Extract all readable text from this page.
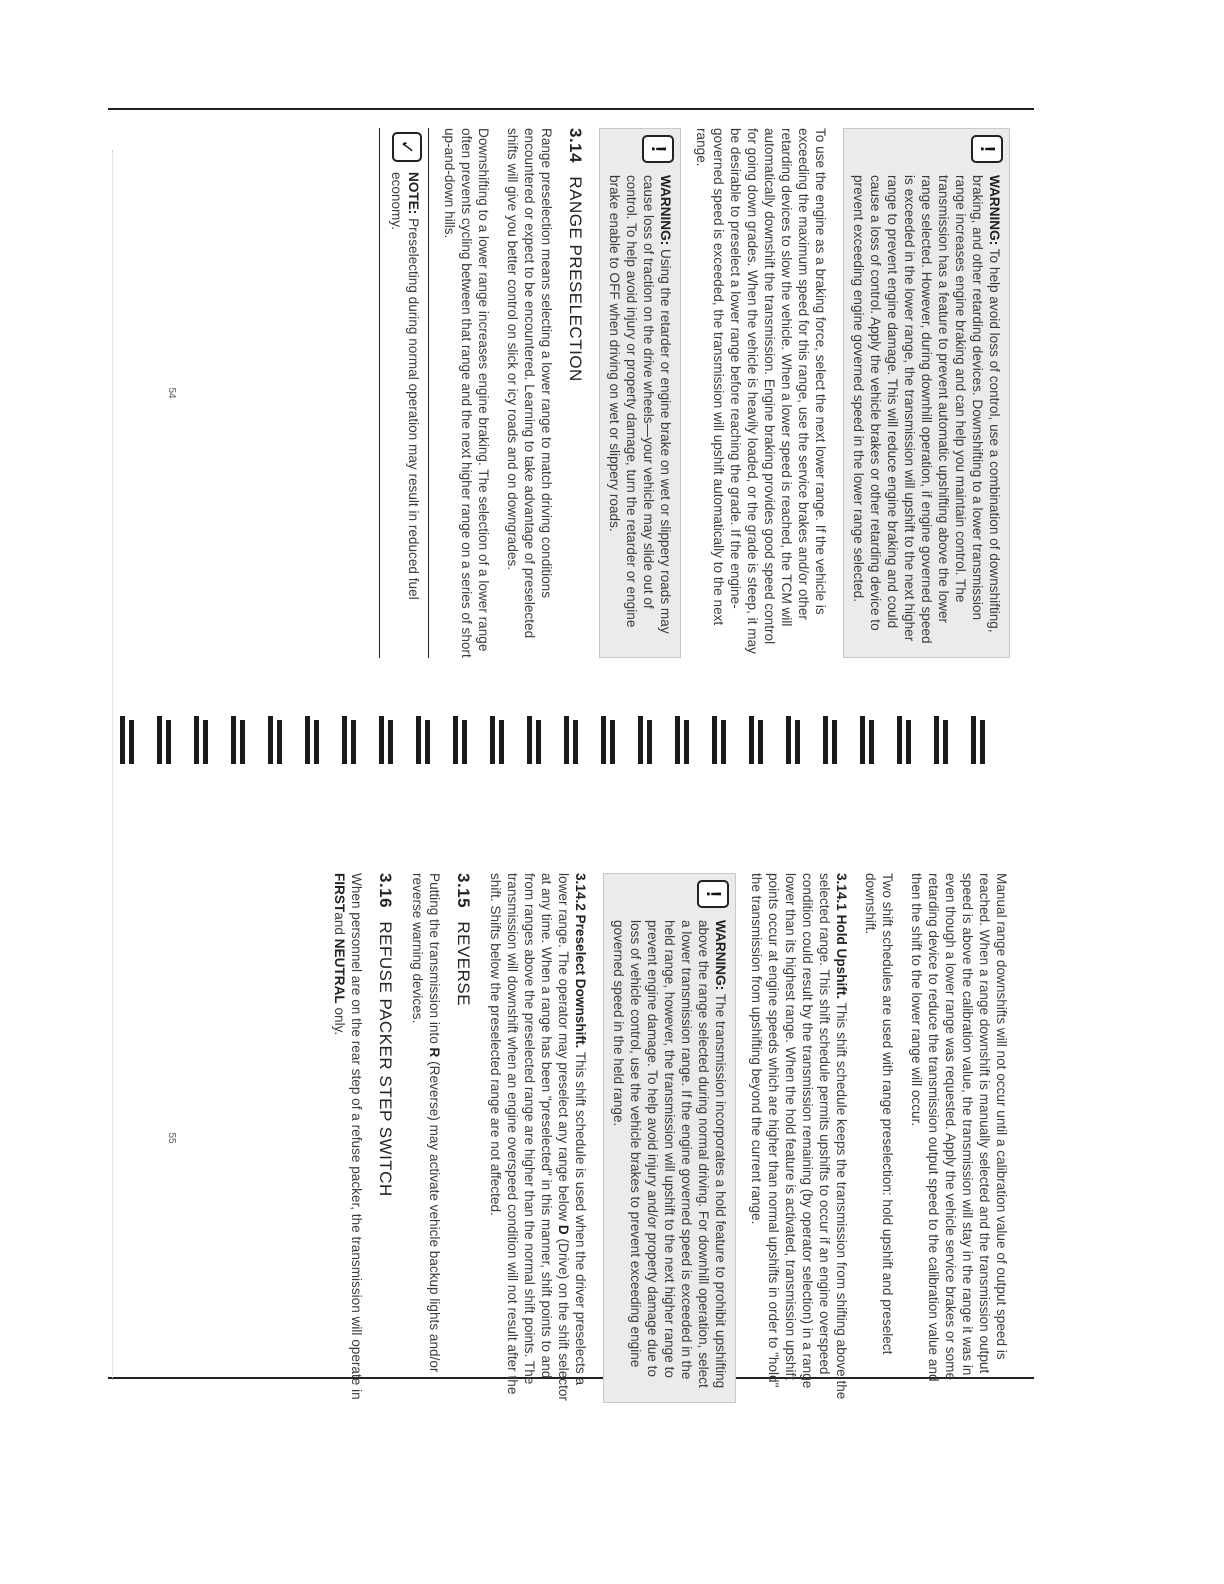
!
WARNING: To help avoid loss of control, use a combination of downshifting, braking, and other retarding devices. Downshifting to a lower transmission range increases engine braking and can help you maintain control. The transmission has a feature to prevent automatic upshifting above the lower range selected. However, during downhill operation, if engine governed speed is exceeded in the lower range, the transmission will upshift to the next higher range to prevent engine damage. This will reduce engine braking and could cause a loss of control. Apply the vehicle brakes or other retarding device to prevent exceeding engine governed speed in the lower range selected.
To use the engine as a braking force, select the next lower range. If the vehicle is exceeding the maximum speed for this range, use the service brakes and/or other retarding devices to slow the vehicle. When a lower speed is reached, the TCM will automatically downshift the transmission. Engine braking provides good speed control for going down grades. When the vehicle is heavily loaded, or the grade is steep, it may be desirable to preselect a lower range before reaching the grade. If the engine-governed speed is exceeded, the transmission will upshift automatically to the next range.
!
WARNING: Using the retarder or engine brake on wet or slippery roads may cause loss of traction on the drive wheels—your vehicle may slide out of control. To help avoid injury or property damage, turn the retarder or engine brake enable to OFF when driving on wet or slippery roads.
3.14 RANGE PRESELECTION
Range preselection means selecting a lower range to match driving conditions encountered or expect to be encountered. Learning to take advantage of preselected shifts will give you better control on slick or icy roads and on downgrades.
Downshifting to a lower range increases engine braking. The selection of a lower range often prevents cycling between that range and the next higher range on a series of short up-and-down hills.
✓
NOTE: Preselecting during normal operation may result in reduced fuel economy.
54
Manual range downshifts will not occur until a calibration value of output speed is reached. When a range downshift is manually selected and the transmission output speed is above the calibration value, the transmission will stay in the range it was in even though a lower range was requested. Apply the vehicle service brakes or some retarding device to reduce the transmission output speed to the calibration value and then the shift to the lower range will occur.
Two shift schedules are used with range preselection: hold upshift and preselect downshift.
3.14.1 Hold Upshift. This shift schedule keeps the transmission from shifting above the selected range. This shift schedule permits upshifts to occur if an engine overspeed condition could result by the transmission remaining (by operator selection) in a range lower than its highest range. When the hold feature is activated, transmission upshift points occur at engine speeds which are higher than normal upshifts in order to "hold" the transmission from upshifting beyond the current range.
!
WARNING: The transmission incorporates a hold feature to prohibit upshifting above the range selected during normal driving. For downhill operation, select a lower transmission range. If the engine governed speed is exceeded in the held range, however, the transmission will upshift to the next higher range to prevent engine damage. To help avoid injury and/or property damage due to loss of vehicle control, use the vehicle brakes to prevent exceeding engine governed speed in the held range.
3.14.2 Preselect Downshift. This shift schedule is used when the driver preselects a lower range. The operator may preselect any range below D (Drive) on the shift selector at any time. When a range has been "preselected" in this manner, shift points to and from ranges above the preselected range are higher than the normal shift points. The transmission will downshift when an engine overspeed condition will not result after the shift. Shifts below the preselected range are not affected.
3.15 REVERSE
Putting the transmission into R (Reverse) may activate vehicle backup lights and/or reverse warning devices.
3.16 REFUSE PACKER STEP SWITCH
When personnel are on the rear step of a refuse packer, the transmission will operate in FIRSTand NEUTRAL only.
55
